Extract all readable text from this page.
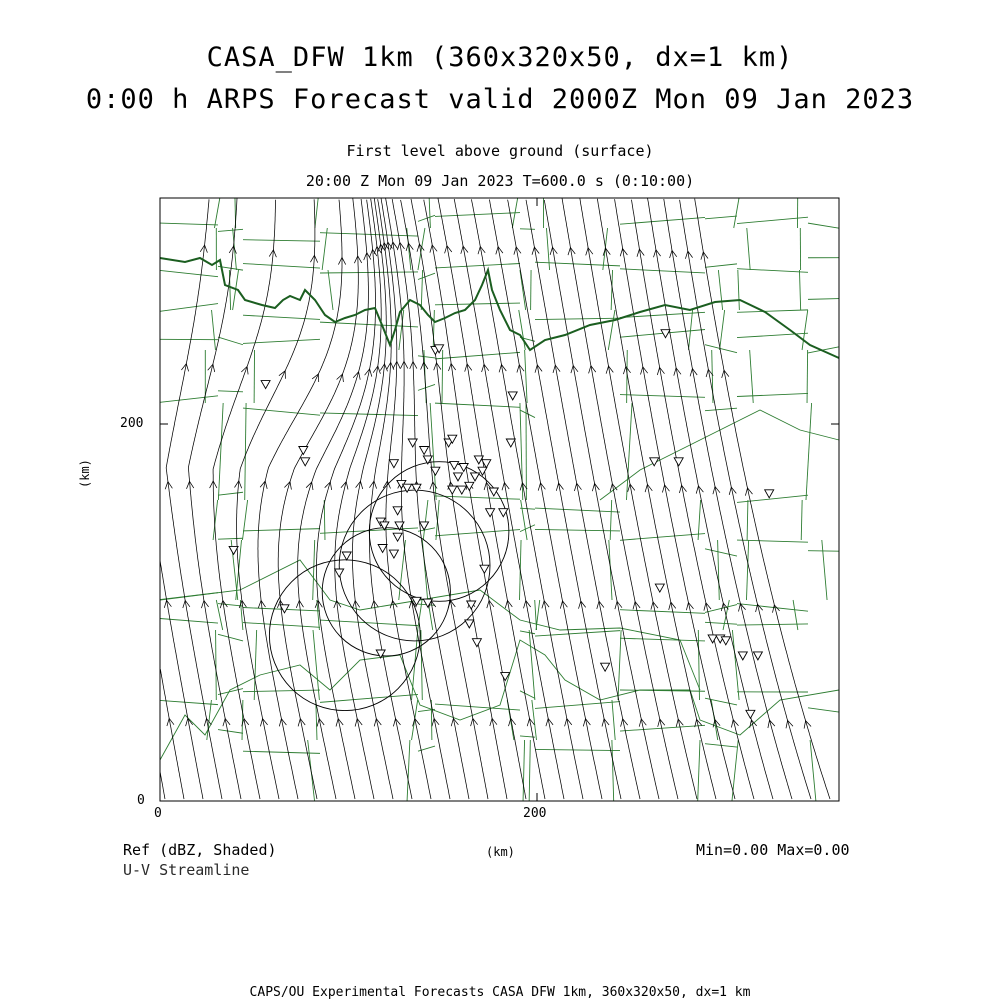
CASA_DFW 1km (360x320x50, dx=1 km)
0:00 h ARPS Forecast valid 2000Z Mon 09 Jan 2023
First level above ground (surface)
20:00 Z Mon 09 Jan 2023 T=600.0 s (0:10:00)
0	200
0
200
(km)
(km)
Ref (dBZ, Shaded)
U-V Streamline
Min=0.00 Max=0.00
CAPS/OU Experimental Forecasts CASA DFW 1km, 360x320x50, dx=1 km
